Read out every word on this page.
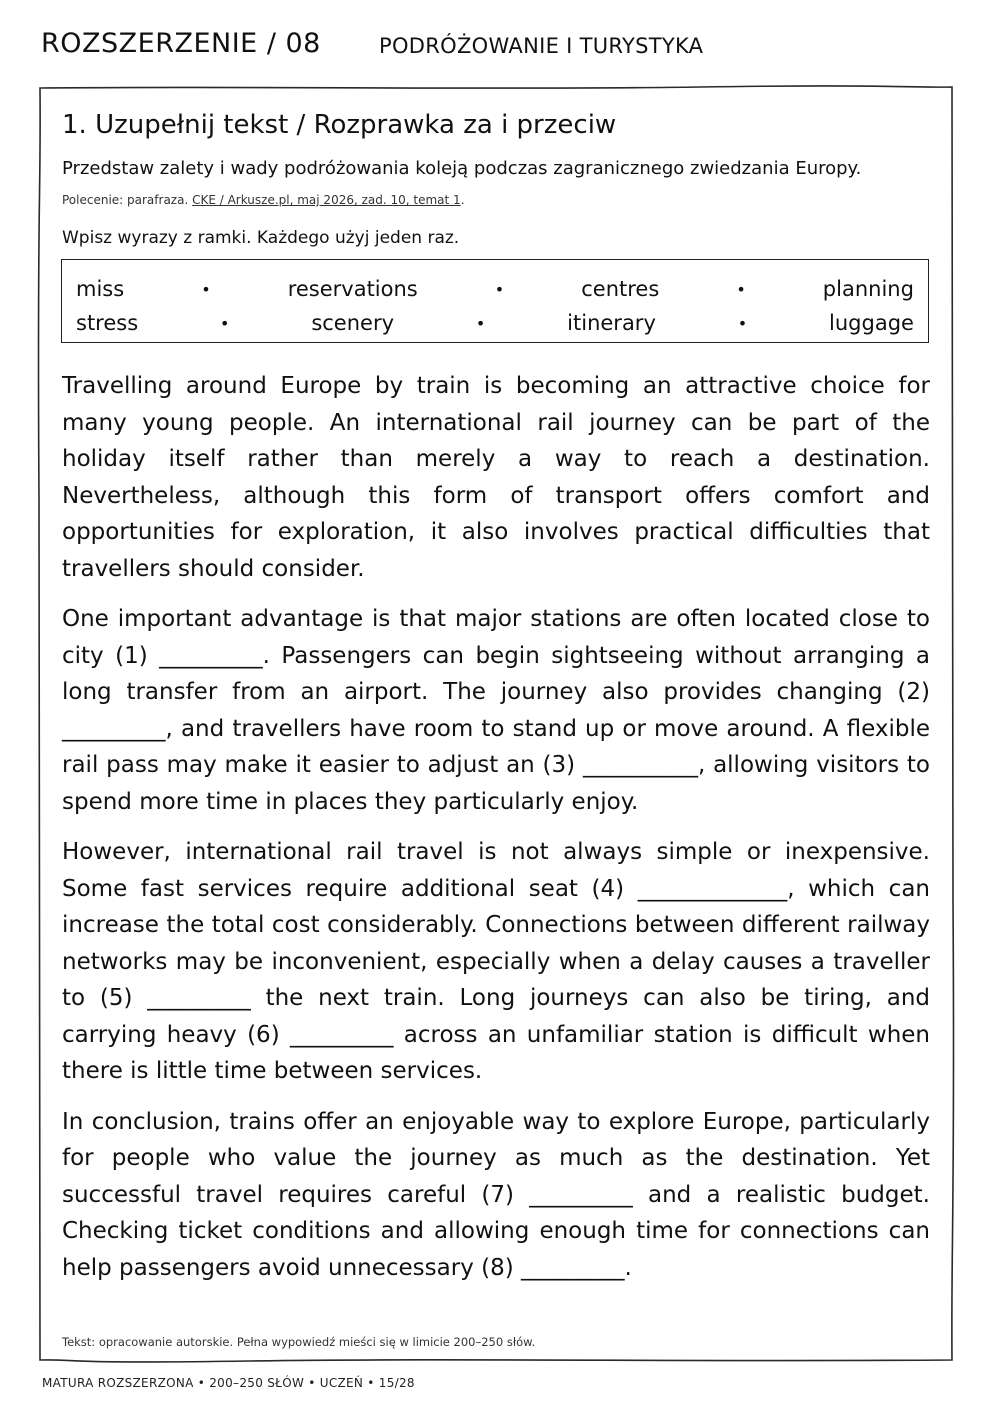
ROZSZERZENIE / 08	PODRÓŻOWANIE I TURYSTYKA
1. Uzupełnij tekst / Rozprawka za i przeciw
Przedstaw zalety i wady podróżowania koleją podczas zagranicznego zwiedzania Europy.
Polecenie: parafraza. CKE / Arkusze.pl, maj 2026, zad. 10, temat 1.
Wpisz wyrazy z ramki. Każdego użyj jeden raz.
miss	•	reservations	•	centres	•	planning
stress	•	scenery	•	itinerary	•	luggage

Travelling around Europe by train is becoming an attractive choice for many young people. An international rail journey can be part of the holiday itself rather than merely a way to reach a destination. Nevertheless, although this form of transport offers comfort and opportunities for exploration, it also involves practical difficulties that travellers should consider.

One important advantage is that major stations are often located close to city (1) _________. Passengers can begin sightseeing without arranging a long transfer from an airport. The journey also provides changing (2) _________, and travellers have room to stand up or move around. A flexible rail pass may make it easier to adjust an (3) __________, allowing visitors to spend more time in places they particularly enjoy.

However, international rail travel is not always simple or inexpensive. Some fast services require additional seat (4) _____________, which can increase the total cost considerably. Connections between different railway networks may be inconvenient, especially when a delay causes a traveller to (5) _________ the next train. Long journeys can also be tiring, and carrying heavy (6) _________ across an unfamiliar station is difficult when there is little time between services.

In conclusion, trains offer an enjoyable way to explore Europe, particularly for people who value the journey as much as the destination. Yet successful travel requires careful (7) _________ and a realistic budget. Checking ticket conditions and allowing enough time for connections can help passengers avoid unnecessary (8) _________.

Tekst: opracowanie autorskie. Pełna wypowiedź mieści się w limicie 200–250 słów.
MATURA ROZSZERZONA • 200–250 SŁÓW • UCZEŃ • 15/28
